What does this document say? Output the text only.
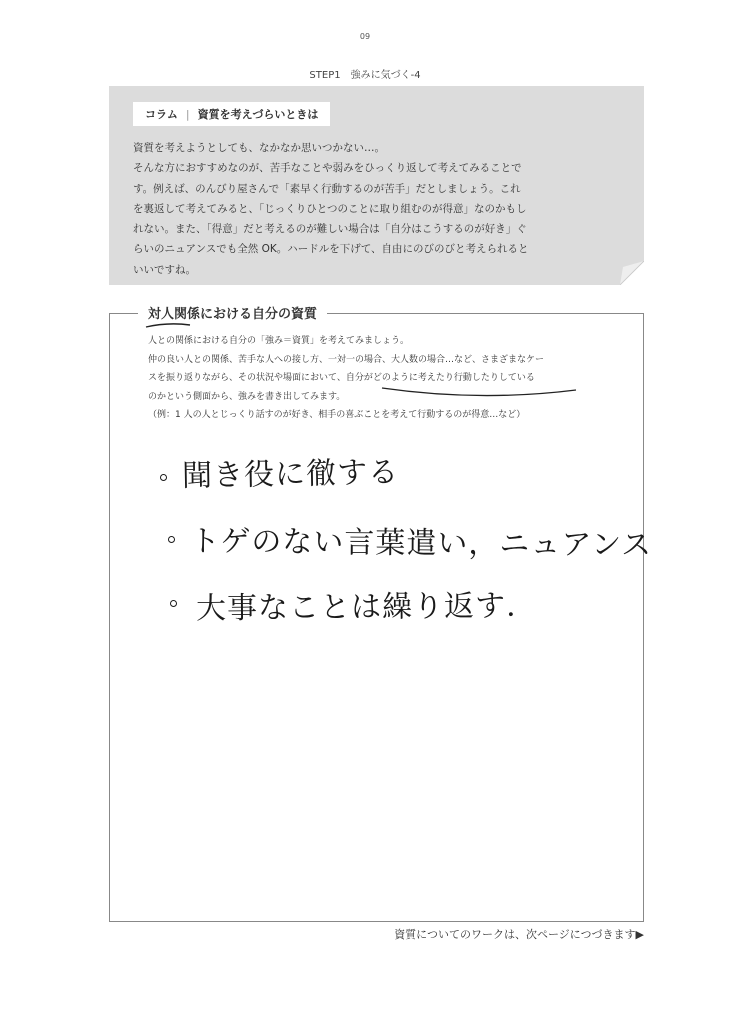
09
STEP1　強みに気づく-4
コラム | 資質を考えづらいときは
資質を考えようとしても、なかなか思いつかない…。
そんな方におすすめなのが、苦手なことや弱みをひっくり返して考えてみることで
す。例えば、のんびり屋さんで「素早く行動するのが苦手」だとしましょう。これ
を裏返して考えてみると、「じっくりひとつのことに取り組むのが得意」なのかもし
れない。また、「得意」だと考えるのが難しい場合は「自分はこうするのが好き」ぐ
らいのニュアンスでも全然 OK。ハードルを下げて、自由にのびのびと考えられると
いいですね。
対人関係における自分の資質

人との関係における自分の「強み＝資質」を考えてみましょう。

仲の良い人との関係、苦手な人への接し方、一対一の場合、大人数の場合…など、さまざまなケー

スを振り返りながら、その状況や場面において、自分がどのように考えたり行動したりしている

のかという側面から、強みを書き出してみます。

（例：1 人の人とじっくり話すのが好き、相手の喜ぶことを考えて行動するのが得意…など）

聞き役に徹する
トゲのない言葉遣い，ニュアンス
大事なことは繰り返す.
資質についてのワークは、次ページにつづきます▶
